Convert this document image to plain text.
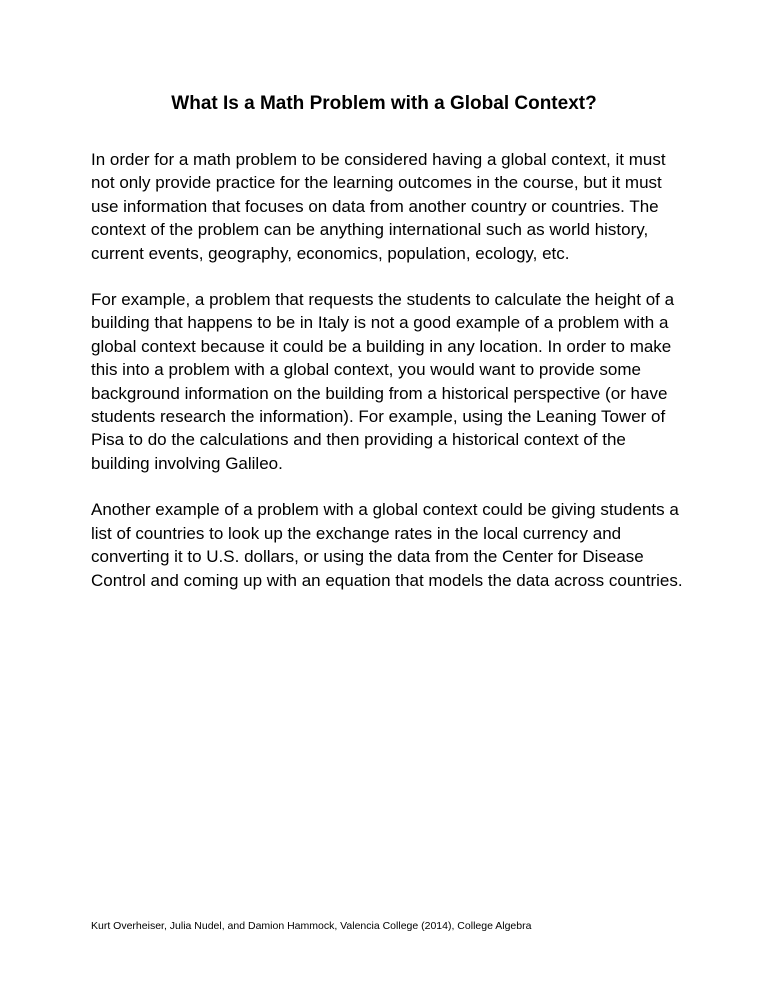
What Is a Math Problem with a Global Context?

In order for a math problem to be considered having a global context, it must not only provide practice for the learning outcomes in the course, but it must use information that focuses on data from another country or countries. The context of the problem can be anything international such as world history, current events, geography, economics, population, ecology, etc.

For example, a problem that requests the students to calculate the height of a building that happens to be in Italy is not a good example of a problem with a global context because it could be a building in any location. In order to make this into a problem with a global context, you would want to provide some background information on the building from a historical perspective (or have students research the information). For example, using the Leaning Tower of Pisa to do the calculations and then providing a historical context of the building involving Galileo.

Another example of a problem with a global context could be giving students a list of countries to look up the exchange rates in the local currency and converting it to U.S. dollars, or using the data from the Center for Disease Control and coming up with an equation that models the data across countries.

Kurt Overheiser, Julia Nudel, and Damion Hammock, Valencia College (2014), College Algebra
